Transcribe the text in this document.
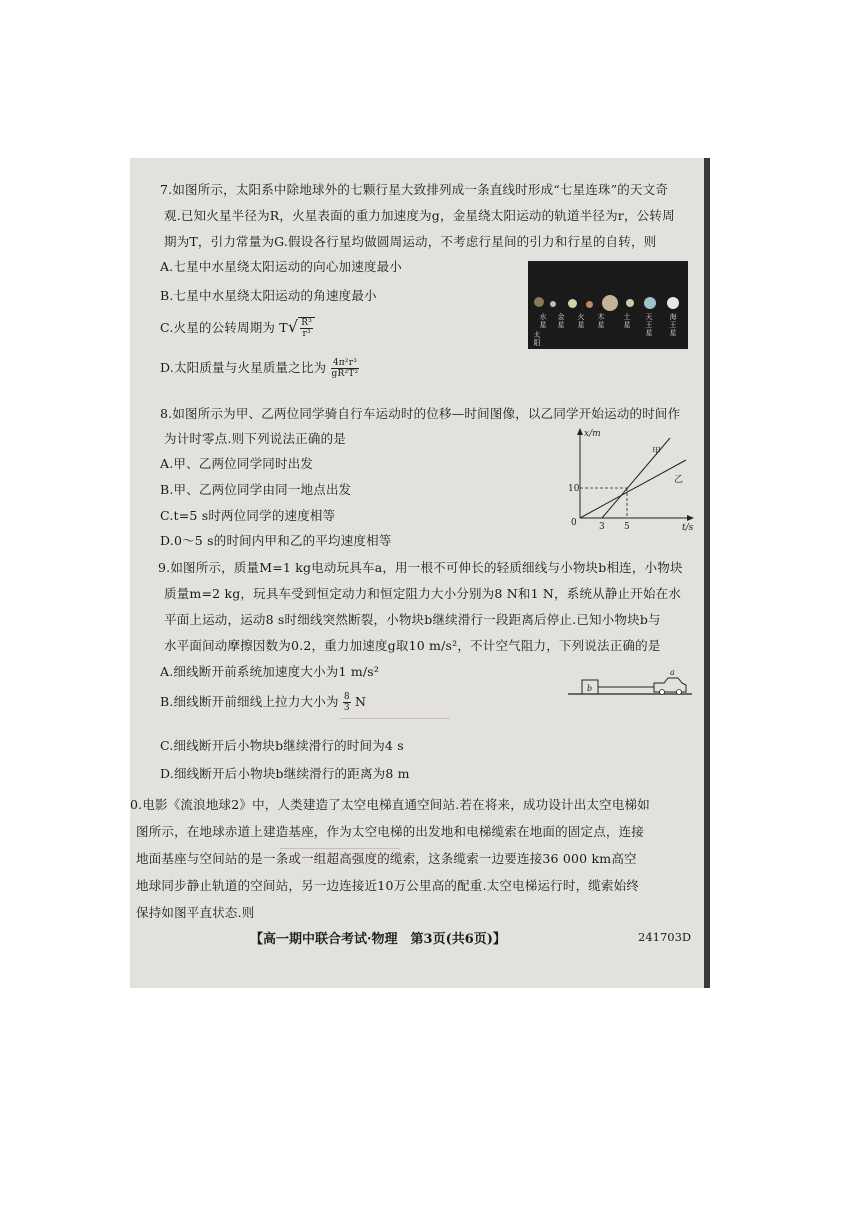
7.如图所示，太阳系中除地球外的七颗行星大致排列成一条直线时形成“七星连珠”的天文奇
观.已知火星半径为R，火星表面的重力加速度为g，金星绕太阳运动的轨道半径为r，公转周
期为T，引力常量为G.假设各行星均做圆周运动，不考虑行星间的引力和行星的自转，则
A.七星中水星绕太阳运动的向心加速度最小
B.七星中水星绕太阳运动的角速度最小
C.火星的公转周期为 $T√ \frac{\text{R³}}{\text{r³}}$
D.太阳质量与火星质量之比为 $\frac{\text{4π²r³}}{\text{gR²T²}}$
水星
金星
火星
木星
土星
天王星
海王星
太阳
8.如图所示为甲、乙两位同学骑自行车运动时的位移—时间图像，以乙同学开始运动的时间作
为计时零点.则下列说法正确的是
A.甲、乙两位同学同时出发
B.甲、乙两位同学由同一地点出发
C.t=5 s时两位同学的速度相等
D.0～5 s的时间内甲和乙的平均速度相等
x/m
t/s
0
10
3 5
甲
乙
9.如图所示，质量M=1 kg电动玩具车a，用一根不可伸长的轻质细线与小物块b相连，小物块
质量m=2 kg，玩具车受到恒定动力和恒定阻力大小分别为8 N和1 N，系统从静止开始在水
平面上运动，运动8 s时细线突然断裂，小物块b继续滑行一段距离后停止.已知小物块b与
水平面间动摩擦因数为0.2，重力加速度g取10 m/s²，不计空气阻力，下列说法正确的是
A.细线断开前系统加速度大小为1 m/s²
B.细线断开前细线上拉力大小为 $\frac{8}{3}$ N
C.细线断开后小物块b继续滑行的时间为4 s
D.细线断开后小物块b继续滑行的距离为8 m
b
a
0.电影《流浪地球2》中，人类建造了太空电梯直通空间站.若在将来，成功设计出太空电梯如
图所示，在地球赤道上建造基座，作为太空电梯的出发地和电梯缆索在地面的固定点，连接
地面基座与空间站的是一条或一组超高强度的缆索，这条缆索一边要连接36 000 km高空
地球同步静止轨道的空间站，另一边连接近10万公里高的配重.太空电梯运行时，缆索始终
保持如图平直状态.则
【高一期中联合考试·物理　第3页(共6页)】	241703D
